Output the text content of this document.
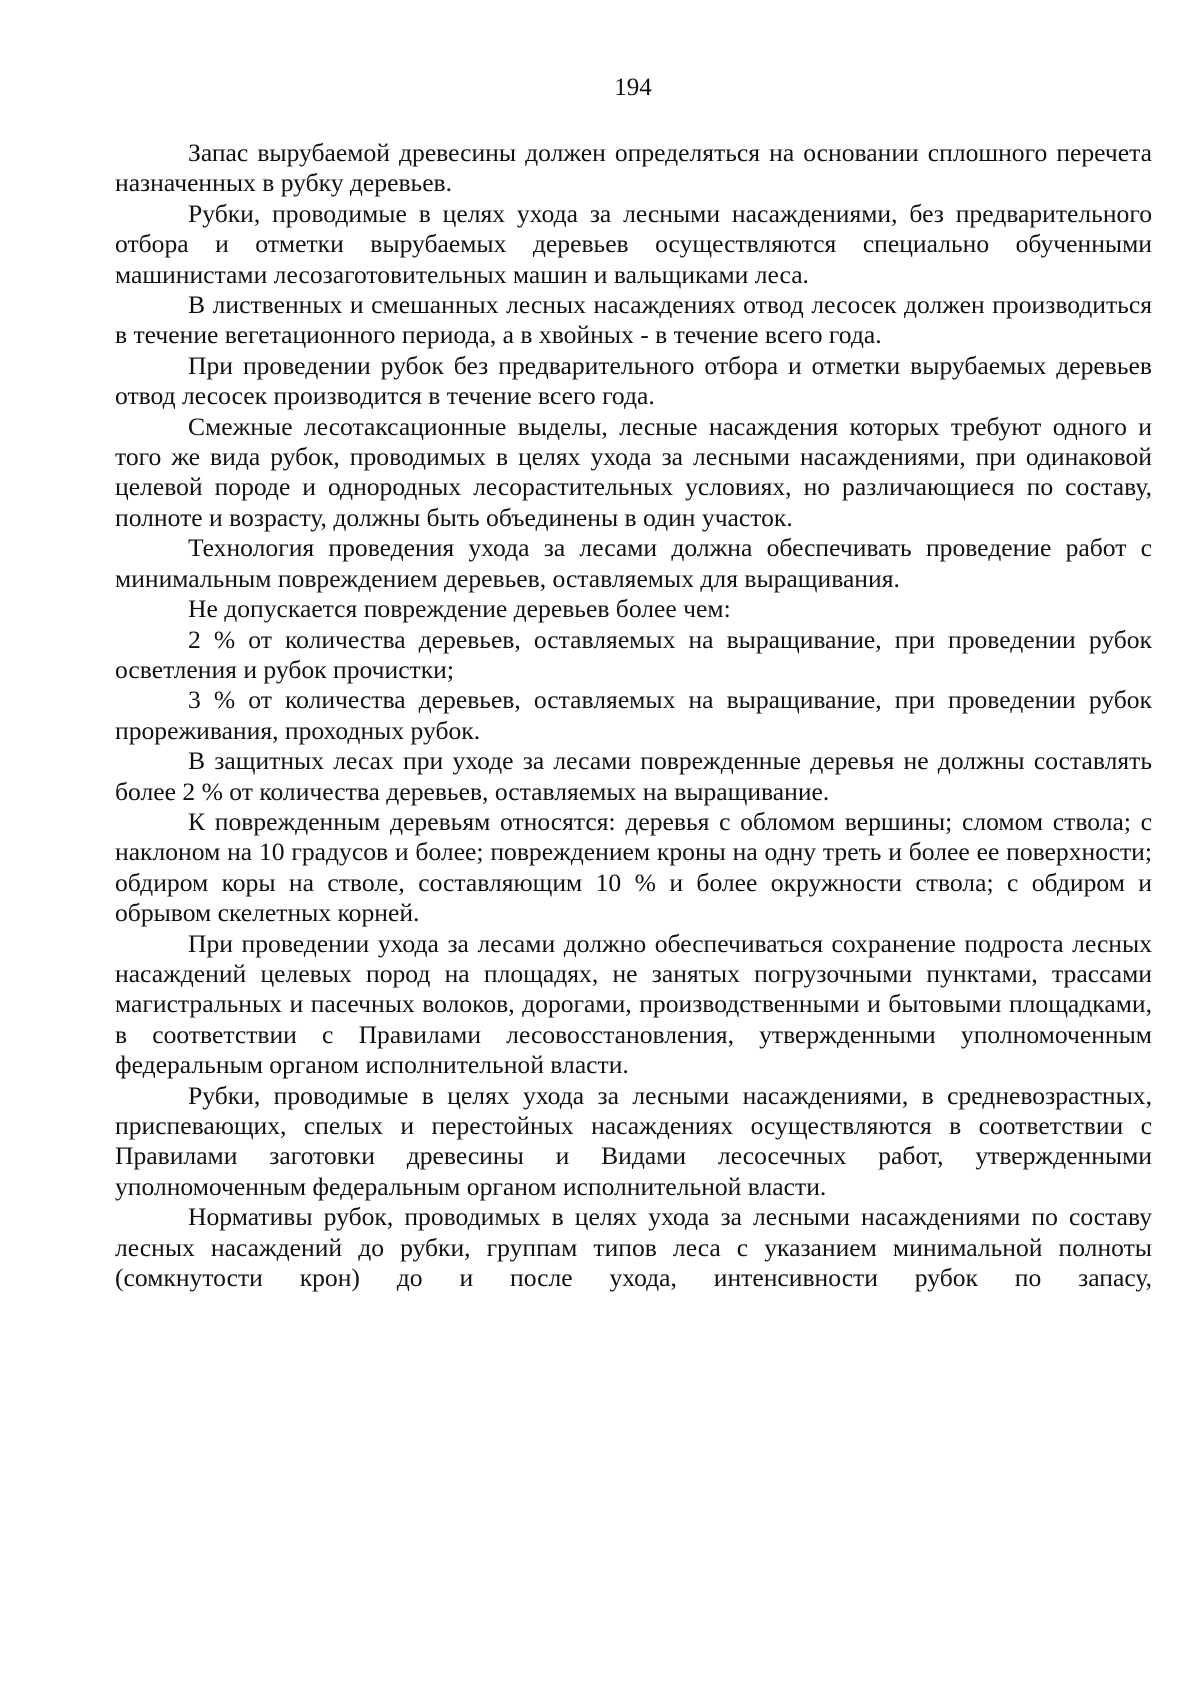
194

Запас вырубаемой древесины должен определяться на основании сплошного перечета назначенных в рубку деревьев.

Рубки, проводимые в целях ухода за лесными насаждениями, без предварительного отбора и отметки вырубаемых деревьев осуществляются специально обученными машинистами лесозаготовительных машин и вальщиками леса.

В лиственных и смешанных лесных насаждениях отвод лесосек должен производиться в течение вегетационного периода, а в хвойных - в течение всего года.

При проведении рубок без предварительного отбора и отметки вырубаемых деревьев отвод лесосек производится в течение всего года.

Смежные лесотаксационные выделы, лесные насаждения которых требуют одного и того же вида рубок, проводимых в целях ухода за лесными насаждениями, при одинаковой целевой породе и однородных лесорастительных условиях, но различающиеся по составу, полноте и возрасту, должны быть объединены в один участок.

Технология проведения ухода за лесами должна обеспечивать проведение работ с минимальным повреждением деревьев, оставляемых для выращивания.

Не допускается повреждение деревьев более чем:

2 % от количества деревьев, оставляемых на выращивание, при проведении рубок осветления и рубок прочистки;

3 % от количества деревьев, оставляемых на выращивание, при проведении рубок прореживания, проходных рубок.

В защитных лесах при уходе за лесами поврежденные деревья не должны составлять более 2 % от количества деревьев, оставляемых на выращивание.

К поврежденным деревьям относятся: деревья с обломом вершины; сломом ствола; с наклоном на 10 градусов и более; повреждением кроны на одну треть и более ее поверхности; обдиром коры на стволе, составляющим 10 % и более окружности ствола; с обдиром и обрывом скелетных корней.

При проведении ухода за лесами должно обеспечиваться сохранение подроста лесных насаждений целевых пород на площадях, не занятых погрузочными пунктами, трассами магистральных и пасечных волоков, дорогами, производственными и бытовыми площадками, в соответствии с Правилами лесовосстановления, утвержденными уполномоченным федеральным органом исполнительной власти.

Рубки, проводимые в целях ухода за лесными насаждениями, в средневозрастных, приспевающих, спелых и перестойных насаждениях осуществляются в соответствии с Правилами заготовки древесины и Видами лесосечных работ, утвержденными уполномоченным федеральным органом исполнительной власти.

Нормативы рубок, проводимых в целях ухода за лесными насаждениями по составу лесных насаждений до рубки, группам типов леса с указанием минимальной полноты (сомкнутости крон) до и после ухода, интенсивности рубок по запасу,
